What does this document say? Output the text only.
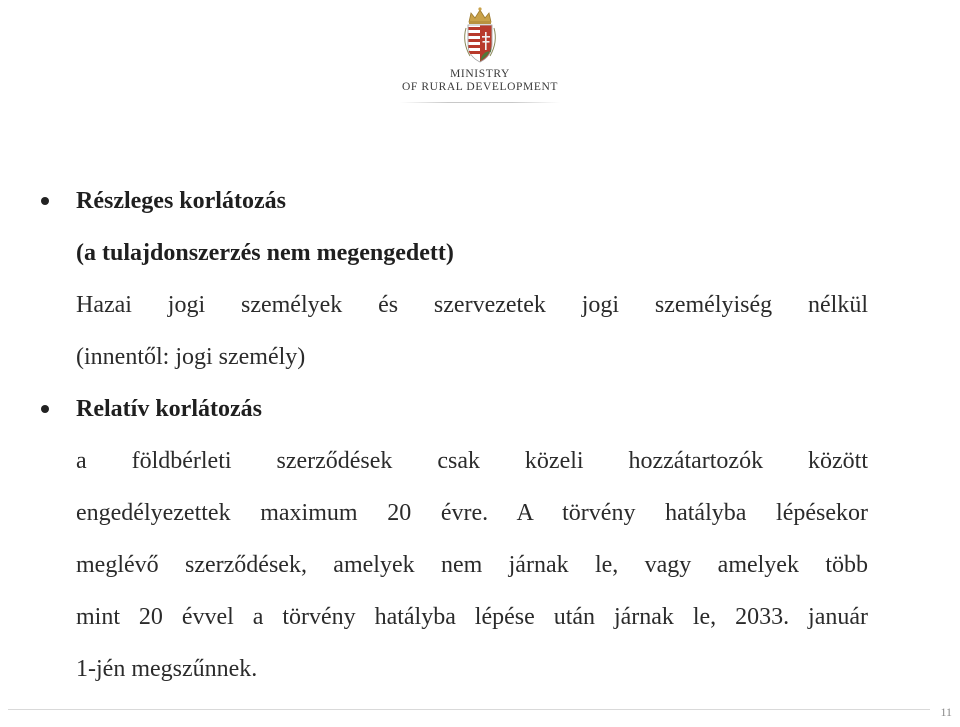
MINISTRY
OF RURAL DEVELOPMENT
Részleges korlátozás
(a tulajdonszerzés nem megengedett)
Hazai jogi személyek és szervezetek jogi személyiség nélkül
(innentől: jogi személy)
Relatív korlátozás
a földbérleti szerződések csak közeli hozzátartozók között
engedélyezettek maximum 20 évre. A törvény hatályba lépésekor
meglévő szerződések, amelyek nem járnak le, vagy amelyek több
mint 20 évvel a törvény hatályba lépése után járnak le, 2033. január
1-jén megszűnnek.
11
